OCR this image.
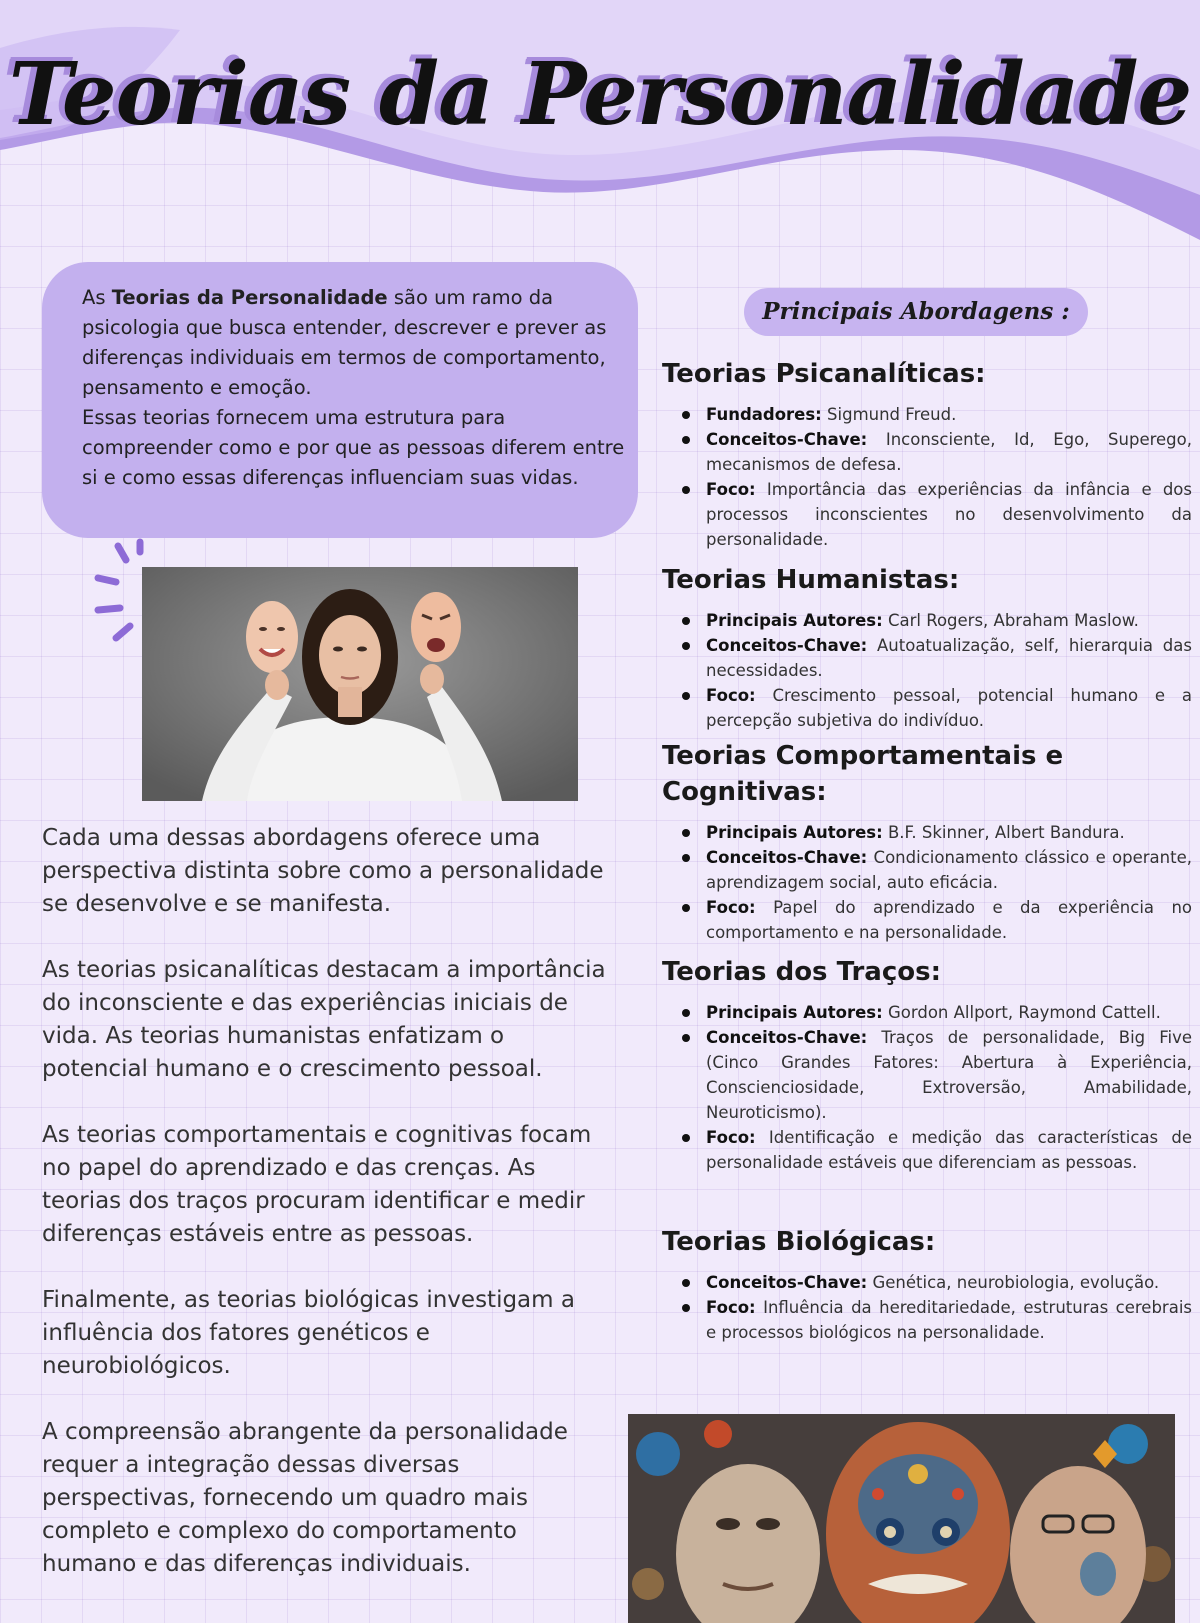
Teorias da Personalidade
As Teorias da Personalidade são um ramo da psicologia que busca entender, descrever e prever as diferenças individuais em termos de comportamento, pensamento e emoção.
Essas teorias fornecem uma estrutura para compreender como e por que as pessoas diferem entre si e como essas diferenças influenciam suas vidas.

Cada uma dessas abordagens oferece uma perspectiva distinta sobre como a personalidade se desenvolve e se manifesta.

As teorias psicanalíticas destacam a importância do inconsciente e das experiências iniciais de vida. As teorias humanistas enfatizam o potencial humano e o crescimento pessoal.

As teorias comportamentais e cognitivas focam no papel do aprendizado e das crenças. As teorias dos traços procuram identificar e medir diferenças estáveis entre as pessoas.

Finalmente, as teorias biológicas investigam a influência dos fatores genéticos e neurobiológicos.

A compreensão abrangente da personalidade requer a integração dessas diversas perspectivas, fornecendo um quadro mais completo e complexo do comportamento humano e das diferenças individuais.

Principais Abordagens :
Teorias Psicanalíticas:
Fundadores: Sigmund Freud.
Conceitos-Chave: Inconsciente, Id, Ego, Superego, mecanismos de defesa.
Foco: Importância das experiências da infância e dos processos inconscientes no desenvolvimento da personalidade.
Teorias Humanistas:
Principais Autores: Carl Rogers, Abraham Maslow.
Conceitos-Chave: Autoatualização, self, hierarquia das necessidades.
Foco: Crescimento pessoal, potencial humano e a percepção subjetiva do indivíduo.
Teorias Comportamentais e Cognitivas:
Principais Autores: B.F. Skinner, Albert Bandura.
Conceitos-Chave: Condicionamento clássico e operante, aprendizagem social, auto eficácia.
Foco: Papel do aprendizado e da experiência no comportamento e na personalidade.
Teorias dos Traços:
Principais Autores: Gordon Allport, Raymond Cattell.
Conceitos-Chave: Traços de personalidade, Big Five (Cinco Grandes Fatores: Abertura à Experiência, Conscienciosidade, Extroversão, Amabilidade, Neuroticismo).
Foco: Identificação e medição das características de personalidade estáveis que diferenciam as pessoas.
Teorias Biológicas:
Conceitos-Chave: Genética, neurobiologia, evolução.
Foco: Influência da hereditariedade, estruturas cerebrais e processos biológicos na personalidade.
